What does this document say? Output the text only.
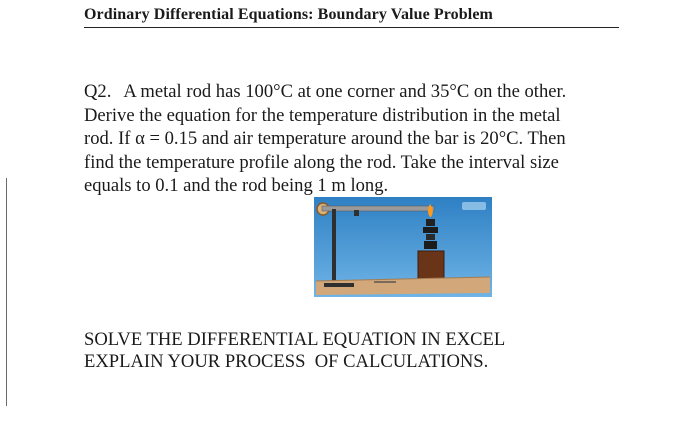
Ordinary Differential Equations: Boundary Value Problem
Q2. A metal rod has 100°C at one corner and 35°C on the other.
Derive the equation for the temperature distribution in the metal
rod. If α = 0.15 and air temperature around the bar is 20°C. Then
find the temperature profile along the rod. Take the interval size
equals to 0.1 and the rod being 1 m long.
SOLVE THE DIFFERENTIAL EQUATION IN EXCEL
EXPLAIN YOUR PROCESS  OF CALCULATIONS.
